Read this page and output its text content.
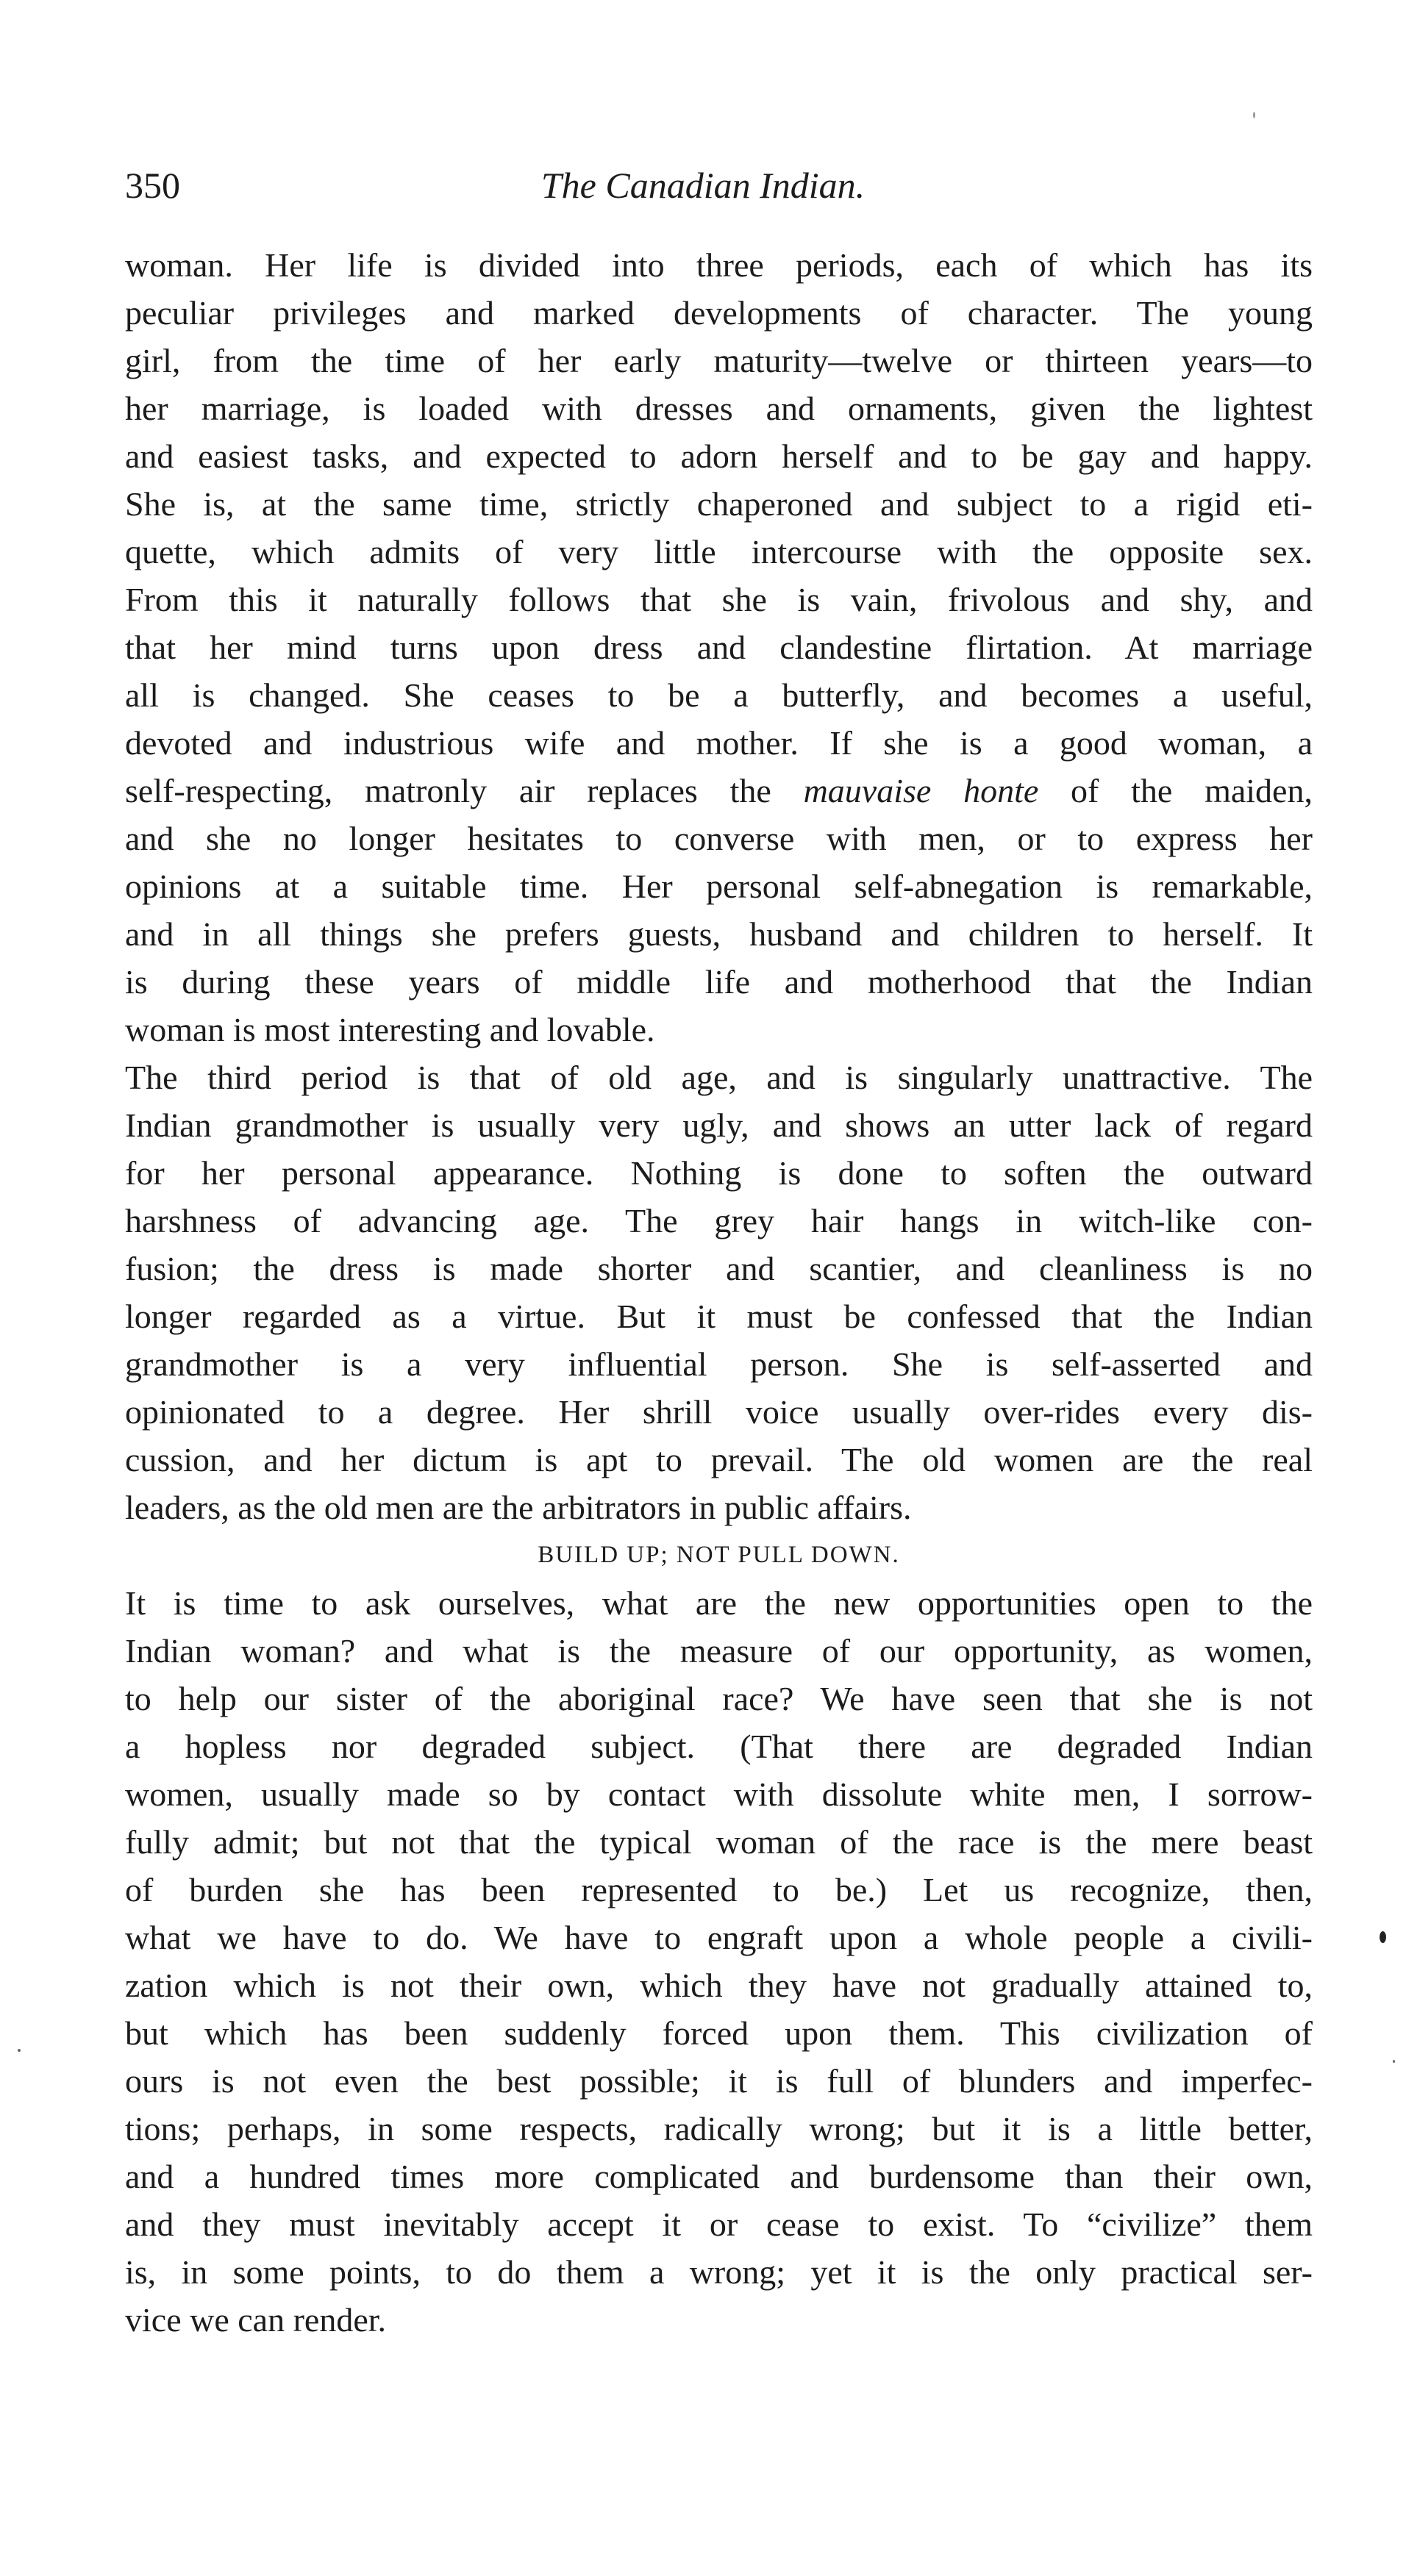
350	The Canadian Indian.
woman. Her life is divided into three periods, each of which has its
peculiar privileges and marked developments of character. The young
girl, from the time of her early maturity—twelve or thirteen years—to
her marriage, is loaded with dresses and ornaments, given the lightest
and easiest tasks, and expected to adorn herself and to be gay and happy.
She is, at the same time, strictly chaperoned and subject to a rigid eti-
quette, which admits of very little intercourse with the opposite sex.
From this it naturally follows that she is vain, frivolous and shy, and
that her mind turns upon dress and clandestine flirtation. At marriage
all is changed. She ceases to be a butterfly, and becomes a useful,
devoted and industrious wife and mother. If she is a good woman, a
self-respecting, matronly air replaces the mauvaise honte of the maiden,
and she no longer hesitates to converse with men, or to express her
opinions at a suitable time. Her personal self-abnegation is remarkable,
and in all things she prefers guests, husband and children to herself. It
is during these years of middle life and motherhood that the Indian
woman is most interesting and lovable.
The third period is that of old age, and is singularly unattractive. The
Indian grandmother is usually very ugly, and shows an utter lack of regard
for her personal appearance. Nothing is done to soften the outward
harshness of advancing age. The grey hair hangs in witch-like con-
fusion; the dress is made shorter and scantier, and cleanliness is no
longer regarded as a virtue. But it must be confessed that the Indian
grandmother is a very influential person. She is self-asserted and
opinionated to a degree. Her shrill voice usually over-rides every dis-
cussion, and her dictum is apt to prevail. The old women are the real
leaders, as the old men are the arbitrators in public affairs.
BUILD UP; NOT PULL DOWN.
It is time to ask ourselves, what are the new opportunities open to the
Indian woman? and what is the measure of our opportunity, as women,
to help our sister of the aboriginal race? We have seen that she is not
a hopless nor degraded subject. (That there are degraded Indian
women, usually made so by contact with dissolute white men, I sorrow-
fully admit; but not that the typical woman of the race is the mere beast
of burden she has been represented to be.) Let us recognize, then,
what we have to do. We have to engraft upon a whole people a civili-
zation which is not their own, which they have not gradually attained to,
but which has been suddenly forced upon them. This civilization of
ours is not even the best possible; it is full of blunders and imperfec-
tions; perhaps, in some respects, radically wrong; but it is a little better,
and a hundred times more complicated and burdensome than their own,
and they must inevitably accept it or cease to exist. To “civilize” them
is, in some points, to do them a wrong; yet it is the only practical ser-
vice we can render.
